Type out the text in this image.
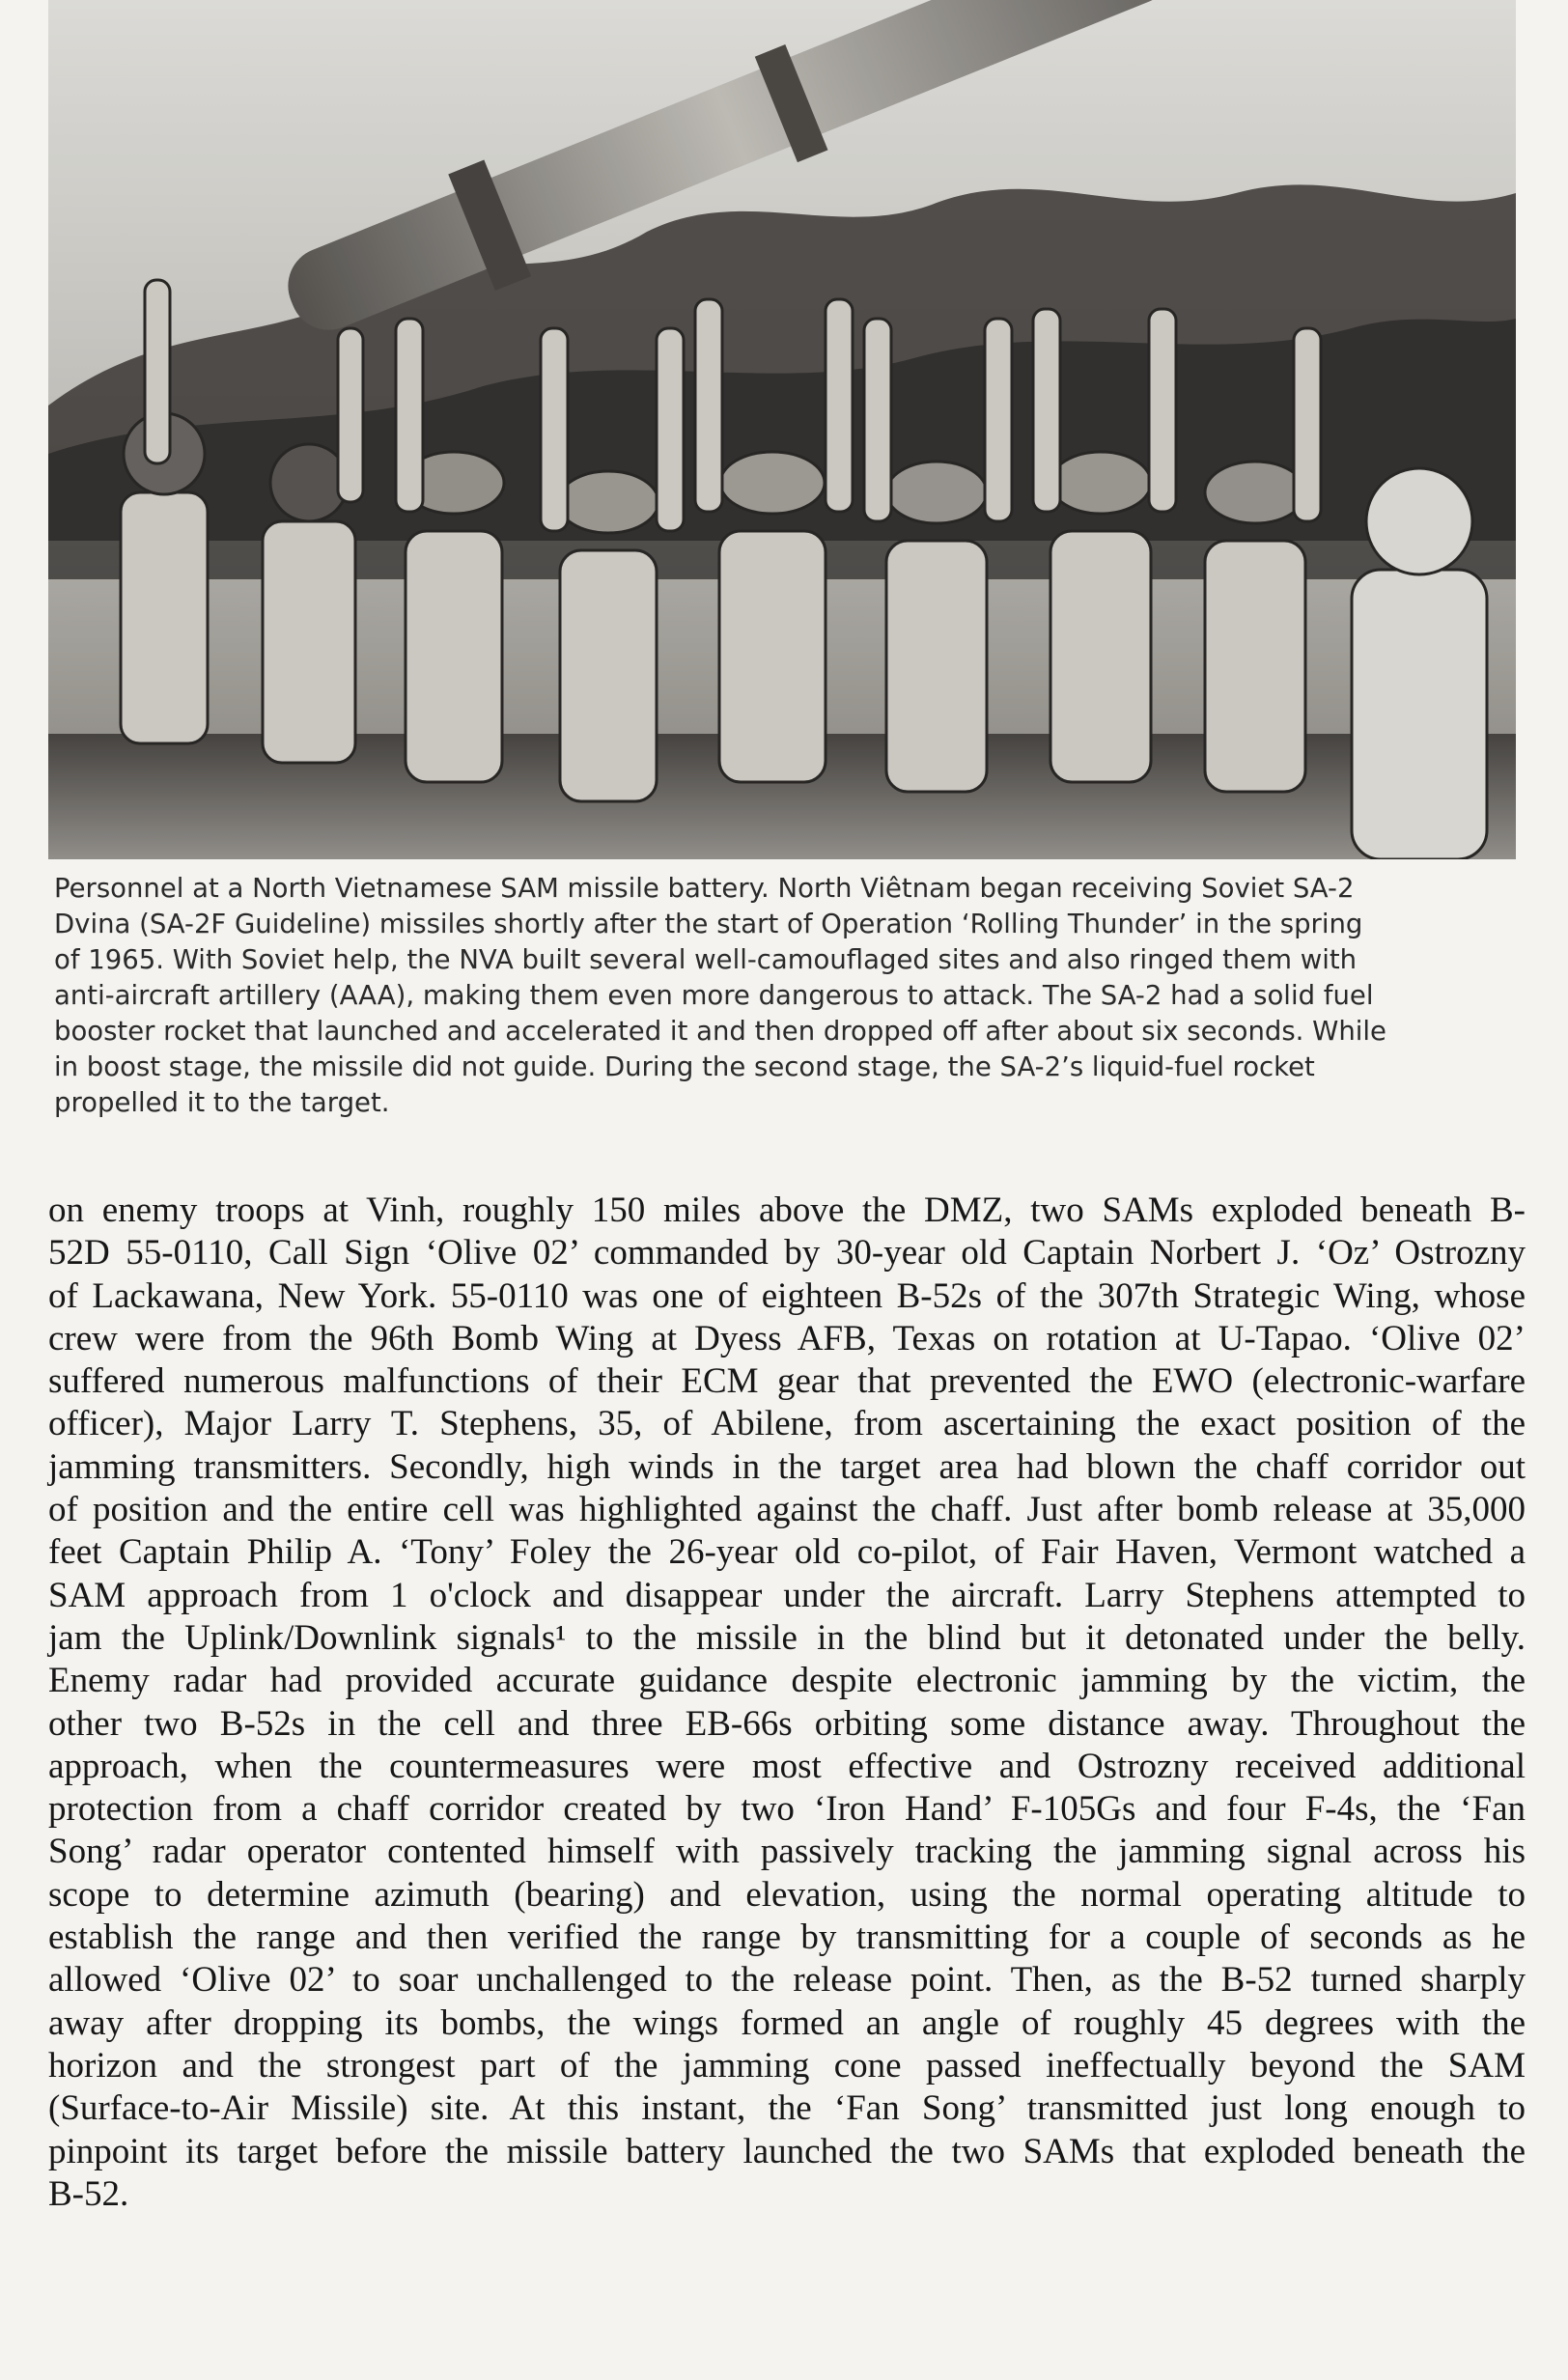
Personnel at a North Vietnamese SAM missile battery. North Viêtnam began receiving Soviet SA-2
Dvina (SA-2F Guideline) missiles shortly after the start of Operation ‘Rolling Thunder’ in the spring
of 1965. With Soviet help, the NVA built several well-camouflaged sites and also ringed them with
anti-aircraft artillery (AAA), making them even more dangerous to attack. The SA-2 had a solid fuel
booster rocket that launched and accelerated it and then dropped off after about six seconds. While
in boost stage, the missile did not guide. During the second stage, the SA-2’s liquid-fuel rocket
propelled it to the target.
on enemy troops at Vinh, roughly 150 miles above the DMZ, two SAMs exploded beneath B-
52D 55-0110, Call Sign ‘Olive 02’ commanded by 30-year old Captain Norbert J. ‘Oz’ Ostrozny
of Lackawana, New York. 55-0110 was one of eighteen B-52s of the 307th Strategic Wing, whose
crew were from the 96th Bomb Wing at Dyess AFB, Texas on rotation at U-Tapao. ‘Olive 02’
suffered numerous malfunctions of their ECM gear that prevented the EWO (electronic-warfare
officer), Major Larry T. Stephens, 35, of Abilene, from ascertaining the exact position of the
jamming transmitters. Secondly, high winds in the target area had blown the chaff corridor out
of position and the entire cell was highlighted against the chaff. Just after bomb release at 35,000
feet Captain Philip A. ‘Tony’ Foley the 26-year old co-pilot, of Fair Haven, Vermont watched a
SAM approach from 1 o'clock and disappear under the aircraft. Larry Stephens attempted to
jam the Uplink/Downlink signals¹ to the missile in the blind but it detonated under the belly.
Enemy radar had provided accurate guidance despite electronic jamming by the victim, the
other two B-52s in the cell and three EB-66s orbiting some distance away. Throughout the
approach, when the countermeasures were most effective and Ostrozny received additional
protection from a chaff corridor created by two ‘Iron Hand’ F-105Gs and four F-4s, the ‘Fan
Song’ radar operator contented himself with passively tracking the jamming signal across his
scope to determine azimuth (bearing) and elevation, using the normal operating altitude to
establish the range and then verified the range by transmitting for a couple of seconds as he
allowed ‘Olive 02’ to soar unchallenged to the release point. Then, as the B-52 turned sharply
away after dropping its bombs, the wings formed an angle of roughly 45 degrees with the
horizon and the strongest part of the jamming cone passed ineffectually beyond the SAM
(Surface-to-Air Missile) site. At this instant, the ‘Fan Song’ transmitted just long enough to
pinpoint its target before the missile battery launched the two SAMs that exploded beneath the
B-52.
